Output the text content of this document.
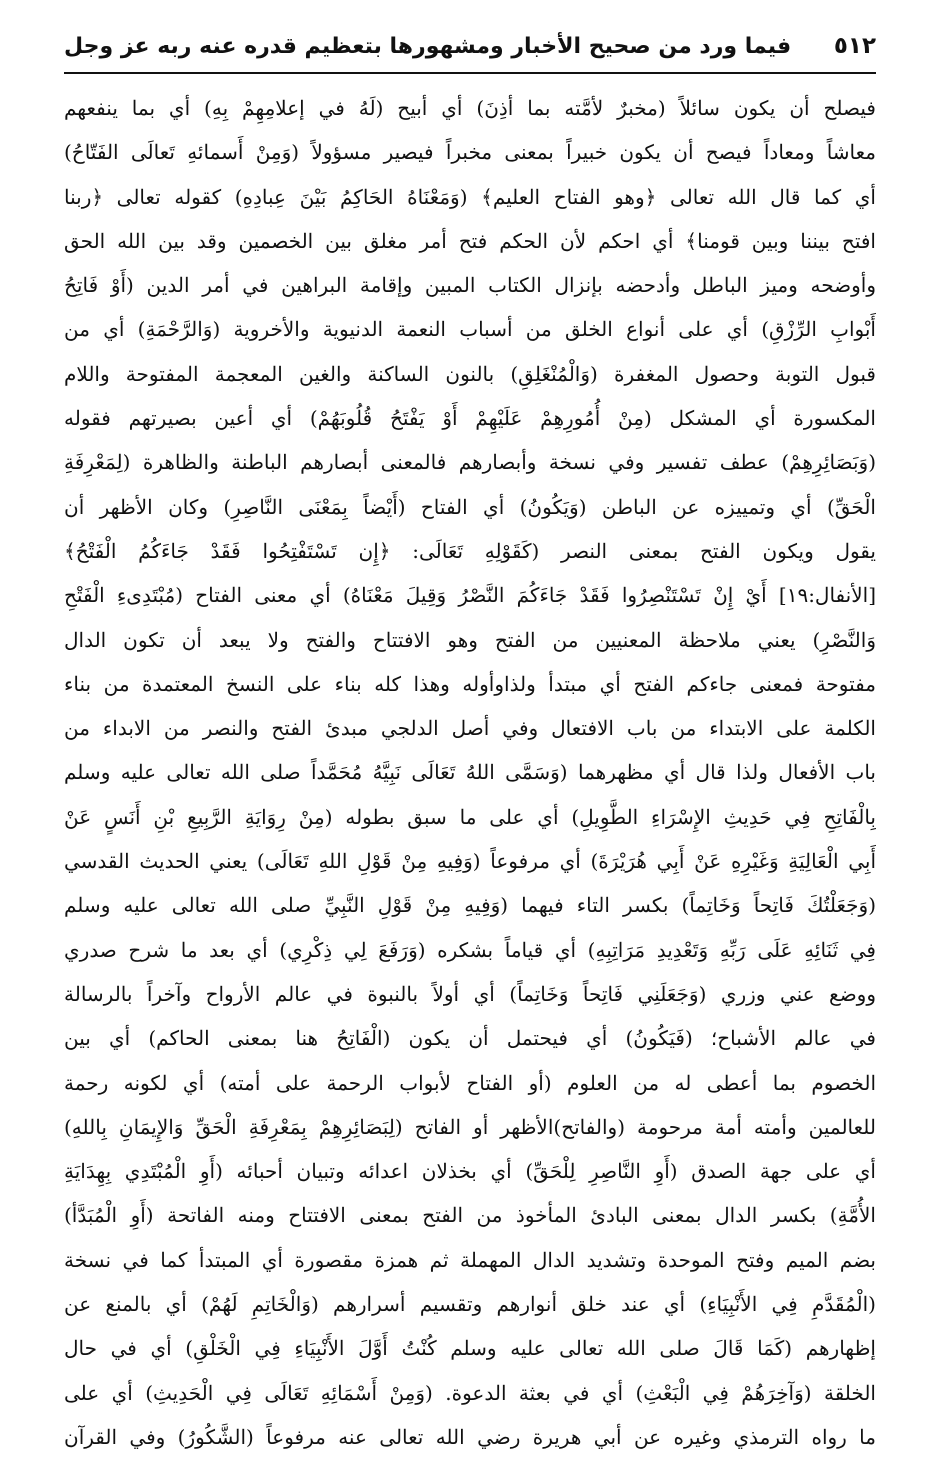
٥١٢
فيما ورد من صحيح الأخبار ومشهورها بتعظيم قدره عنه ربه عز وجل
فيصلح أن يكون سائلاً (مخبرٌ لأمَّته بما أذِنَ) أي أبيح (لَهُ في إعلامِهِمْ بِهِ) أي بما ينفعهم
معاشاً ومعاداً فيصح أن يكون خبيراً بمعنى مخبراً فيصير مسؤولاً (وَمِنْ أَسمائهِ تَعالَى الفَتّاحُ)
أي كما قال الله تعالى ﴿وهو الفتاح العليم﴾ (وَمَعْنَاهُ الحَاكِمُ بَيْنَ عِبادِهِ) كقوله تعالى ﴿ربنا
افتح بيننا وبين قومنا﴾ أي احكم لأن الحكم فتح أمر مغلق بين الخصمين وقد بين الله الحق
وأوضحه وميز الباطل وأدحضه بإنزال الكتاب المبين وإقامة البراهين في أمر الدين (أَوْ فَاتِحُ
أَبْوابِ الرِّزْقِ) أي على أنواع الخلق من أسباب النعمة الدنيوية والأخروية (وَالرَّحْمَةِ) أي من
قبول التوبة وحصول المغفرة (وَالْمُنْغَلِقِ) بالنون الساكنة والغين المعجمة المفتوحة واللام
المكسورة أي المشكل (مِنْ أُمُورِهِمْ عَلَيْهِمْ أَوْ يَفْتَحُ قُلُوبَهُمْ) أي أعين بصيرتهم فقوله
(وَبَصَائِرِهِمْ) عطف تفسير وفي نسخة وأبصارهم فالمعنى أبصارهم الباطنة والظاهرة (لِمَعْرِفَةِ
الْحَقِّ) أي وتمييزه عن الباطن (وَيَكُونُ) أي الفتاح (أَيْضاً بِمَعْنَى النَّاصِرِ) وكان الأظهر أن
يقول ويكون الفتح بمعنى النصر (كَقَوْلِهِ تَعَالَى: ﴿إِن تَسْتَفْتِحُوا فَقَدْ جَاءَكُمُ الْفَتْحُ﴾
[الأنفال:١٩] أَيْ إِنْ تَسْتَنْصِرُوا فَقَدْ جَاءَكُمَ النَّصْرُ وَقِيلَ مَعْنَاهُ) أي معنى الفتاح (مُبْتَدِىءِ الْفَتْحِ
وَالنَّصْرِ) يعني ملاحظة المعنيين من الفتح وهو الافتتاح والفتح ولا يبعد أن تكون الدال
مفتوحة فمعنى جاءكم الفتح أي مبتدأ ولذاوأوله وهذا كله بناء على النسخ المعتمدة من بناء
الكلمة على الابتداء من باب الافتعال وفي أصل الدلجي مبدئ الفتح والنصر من الابداء من
باب الأفعال ولذا قال أي مظهرهما (وَسَمَّى اللهُ تَعَالَى نَبِيَّهُ مُحَمَّداً صلى الله تعالى عليه وسلم
بِالْفَاتِحِ فِي حَدِيثِ الإِسْرَاءِ الطَّوِيلِ) أي على ما سبق بطوله (مِنْ رِوَايَةِ الرَّبِيعِ بْنِ أَنَسٍ عَنْ
أَبِي الْعَالِيَةِ وَغَيْرِهِ عَنْ أَبِي هُرَيْرَةَ) أي مرفوعاً (وَفِيهِ مِنْ قَوْلِ اللهِ تَعَالَى) يعني الحديث القدسي
(وَجَعَلْتُكَ فَاتِحاً وَخَاتِماً) بكسر التاء فيهما (وَفِيهِ مِنْ قَوْلِ النَّبِيِّ صلى الله تعالى عليه وسلم
فِي ثَنَائِهِ عَلَى رَبِّهِ وَتَعْدِيدِ مَرَاتِبِهِ) أي قياماً بشكره (وَرَفَعَ لِي ذِكْرِي) أي بعد ما شرح صدري
ووضع عني وزري (وَجَعَلَنِي فَاتِحاً وَخَاتِماً) أي أولاً بالنبوة في عالم الأرواح وآخراً بالرسالة
في عالم الأشباح؛ (فَيَكُونُ) أي فيحتمل أن يكون (الْفَاتِحُ هنا بمعنى الحاكم) أي بين
الخصوم بما أعطى له من العلوم (أو الفتاح لأبواب الرحمة على أمته) أي لكونه رحمة
للعالمين وأمته أمة مرحومة (والفاتح)الأظهر أو الفاتح (لِبَصَائِرِهِمْ بِمَعْرِفَةِ الْحَقِّ وَالإِيمَانِ بِاللهِ)
أي على جهة الصدق (أَوِ النَّاصِرِ لِلْحَقِّ) أي بخذلان اعدائه وتبيان أحبائه (أَوِ الْمُبْتَدِي بِهِدَايَةِ
الأُمَّةِ) بكسر الدال بمعنى البادئ المأخوذ من الفتح بمعنى الافتتاح ومنه الفاتحة (أَوِ الْمُبَدَّأ)
بضم الميم وفتح الموحدة وتشديد الدال المهملة ثم همزة مقصورة أي المبتدأ كما في نسخة
(الْمُقَدَّمِ فِي الأَنْبِيَاءِ) أي عند خلق أنوارهم وتقسيم أسرارهم (وَالْخَاتِمِ لَهُمْ) أي بالمنع عن
إظهارهم (كَمَا قَالَ صلى الله تعالى عليه وسلم كُنْتُ أَوَّلَ الأَنْبِيَاءِ فِي الْخَلْقِ) أي في حال
الخلقة (وَآخِرَهُمْ فِي الْبَعْثِ) أي في بعثة الدعوة. (وَمِنْ أَسْمَائِهِ تَعَالَى فِي الْحَدِيثِ) أي على
ما رواه الترمذي وغيره عن أبي هريرة رضي الله تعالى عنه مرفوعاً (الشَّكُورُ) وفي القرآن
